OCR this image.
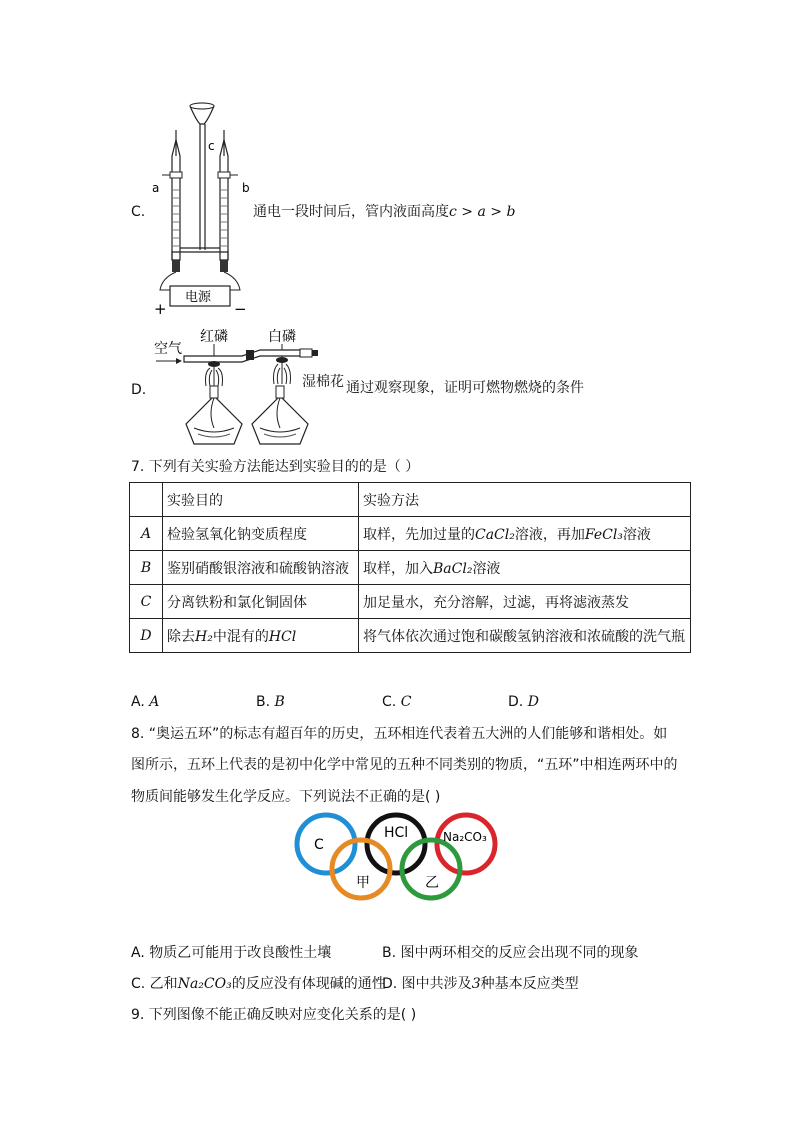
C.
c
电源
+	−
a	b
通电一段时间后，管内液面高度c > a > b
D.
空气
红磷	白磷
湿棉花 通过观察现象，证明可燃物燃烧的条件
7. 下列有关实验方法能达到实验目的的是（ ）
	实验目的	实验方法
A	检验氢氧化钠变质程度	取样，先加过量的CaCl₂溶液，再加FeCl₃溶液
B	鉴别硝酸银溶液和硫酸钠溶液	取样，加入BaCl₂溶液
C	分离铁粉和氯化铜固体	加足量水，充分溶解，过滤，再将滤液蒸发
D	除去H₂中混有的HCl	将气体依次通过饱和碳酸氢钠溶液和浓硫酸的洗气瓶
A. A	B. B	C. C	D. D
8. “奥运五环”的标志有超百年的历史，五环相连代表着五大洲的人们能够和谐相处。如
图所示，五环上代表的是初中化学中常见的五种不同类别的物质，“五环”中相连两环中的
物质间能够发生化学反应。下列说法不正确的是( )
C
HCl	Na₂CO₃
甲	乙
A. 物质乙可能用于改良酸性土壤	B. 图中两环相交的反应会出现不同的现象
C. 乙和Na₂CO₃的反应没有体现碱的通性
D. 图中共涉及3种基本反应类型
9. 下列图像不能正确反映对应变化关系的是( )
